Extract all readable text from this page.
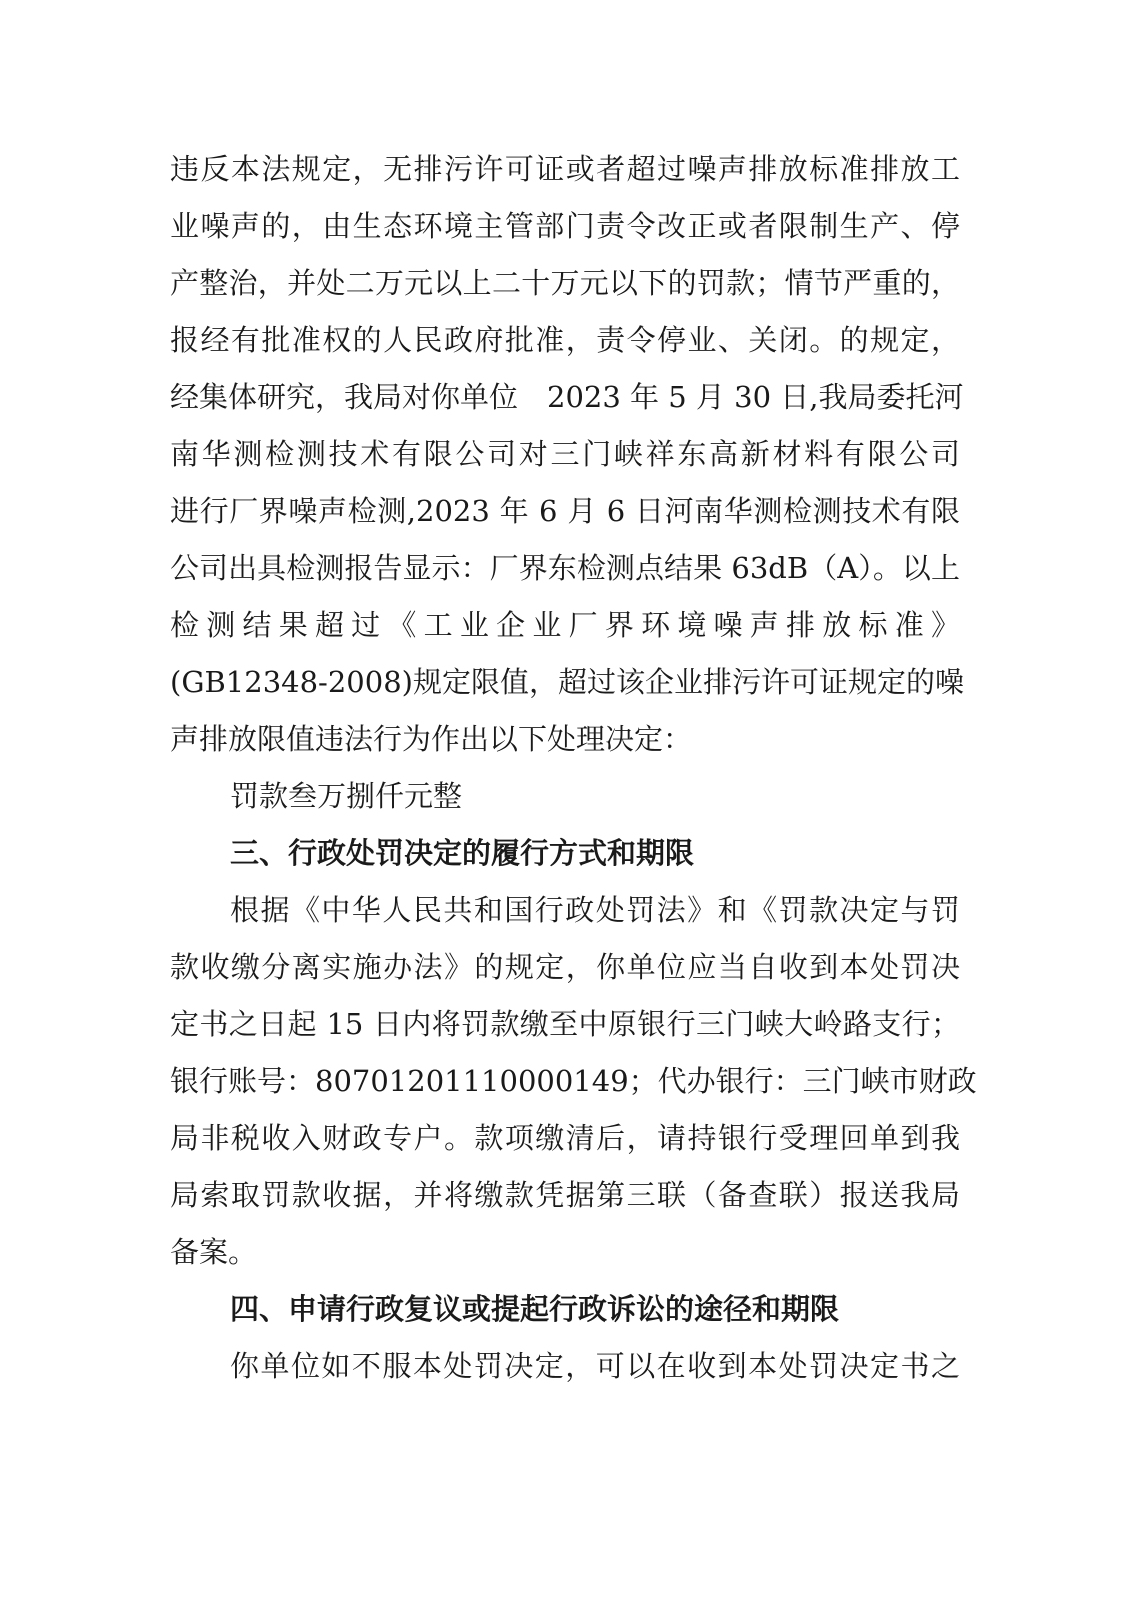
违反本法规定，无排污许可证或者超过噪声排放标准排放工
业噪声的，由生态环境主管部门责令改正或者限制生产、停
产整治，并处二万元以上二十万元以下的罚款；情节严重的，
报经有批准权的人民政府批准，责令停业、关闭。的规定，
经集体研究，我局对你单位　2023 年 5 月 30 日,我局委托河
南华测检测技术有限公司对三门峡祥东高新材料有限公司
进行厂界噪声检测,2023 年 6 月 6 日河南华测检测技术有限
公司出具检测报告显示：厂界东检测点结果 63dB（A）。以上
检测结果超过《工业企业厂界环境噪声排放标准》
(GB12348-2008)规定限值，超过该企业排污许可证规定的噪
声排放限值违法行为作出以下处理决定：
罚款叁万捌仟元整
三、行政处罚决定的履行方式和期限
根据《中华人民共和国行政处罚法》和《罚款决定与罚
款收缴分离实施办法》的规定，你单位应当自收到本处罚决
定书之日起 15 日内将罚款缴至中原银行三门峡大岭路支行；
银行账号：80701201110000149；代办银行：三门峡市财政
局非税收入财政专户。款项缴清后，请持银行受理回单到我
局索取罚款收据，并将缴款凭据第三联（备查联）报送我局
备案。
四、申请行政复议或提起行政诉讼的途径和期限
你单位如不服本处罚决定，可以在收到本处罚决定书之
